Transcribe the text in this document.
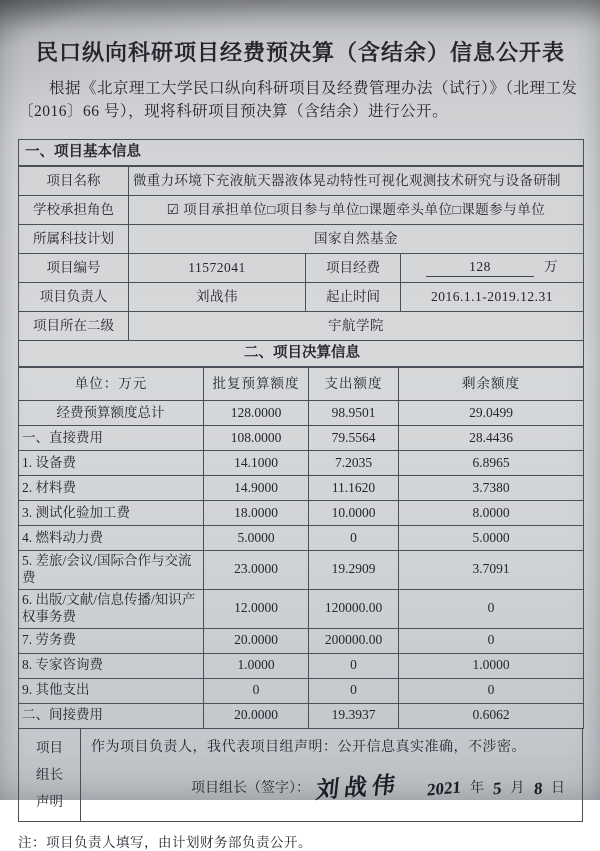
民口纵向科研项目经费预决算（含结余）信息公开表

根据《北京理工大学民口纵向科研项目及经费管理办法（试行）》（北理工发〔2016〕66 号），现将科研项目预决算（含结余）进行公开。

一、项目基本信息			
项目名称	微重力环境下充液航天器液体晃动特性可视化观测技术研究与设备研制		
学校承担角色	☑ 项目承担单位□项目参与单位□课题牵头单位□课题参与单位		
所属科技计划	国家自然基金		
项目编号	11572041	项目经费	128 万
项目负责人	刘战伟	起止时间	2016.1.1-2019.12.31
项目所在二级	宇航学院		
二、项目决算信息			
单位：万元	批复预算额度	支出额度	剩余额度
经费预算额度总计	128.0000	98.9501	29.0499
一、直接费用	108.0000	79.5564	28.4436
1. 设备费	14.1000	7.2035	6.8965
2. 材料费	14.9000	11.1620	3.7380
3. 测试化验加工费	18.0000	10.0000	8.0000
4. 燃料动力费	5.0000	0	5.0000
5. 差旅/会议/国际合作与交流费	23.0000	19.2909	3.7091
6. 出版/文献/信息传播/知识产权事务费	12.0000	120000.00	0
7. 劳务费	20.0000	200000.00	0
8. 专家咨询费	1.0000	0	1.0000
9. 其他支出	0	0	0
二、间接费用	20.0000	19.3937	0.6062
项目
组长
声明

作为项目负责人，我代表项目组声明：公开信息真实准确，不涉密。
项目组长（签字）： 刘战伟 2021 年 5 月 8 日

注：项目负责人填写，由计划财务部负责公开。
